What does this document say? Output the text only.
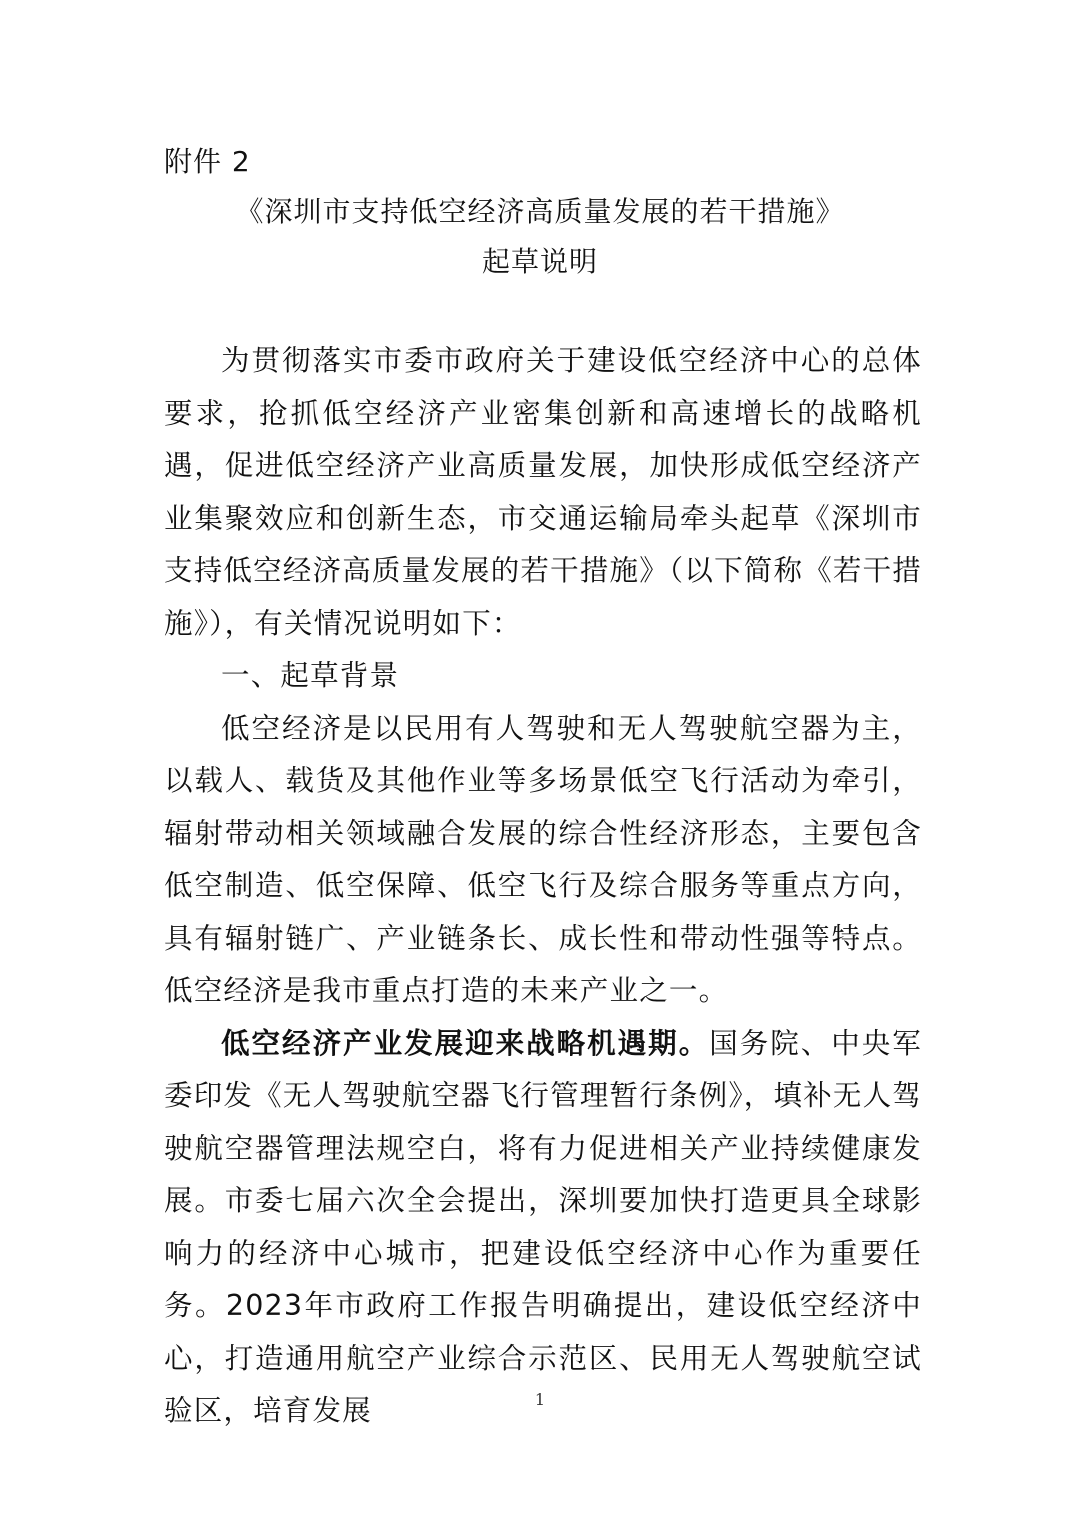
附件 2
《深圳市支持低空经济高质量发展的若干措施》
起草说明

为贯彻落实市委市政府关于建设低空经济中心的总体要求，抢抓低空经济产业密集创新和高速增长的战略机遇，促进低空经济产业高质量发展，加快形成低空经济产业集聚效应和创新生态，市交通运输局牵头起草《深圳市支持低空经济高质量发展的若干措施》（以下简称《若干措施》），有关情况说明如下：

一、起草背景

低空经济是以民用有人驾驶和无人驾驶航空器为主，以载人、载货及其他作业等多场景低空飞行活动为牵引，辐射带动相关领域融合发展的综合性经济形态，主要包含低空制造、低空保障、低空飞行及综合服务等重点方向，具有辐射链广、产业链条长、成长性和带动性强等特点。低空经济是我市重点打造的未来产业之一。

低空经济产业发展迎来战略机遇期。国务院、中央军委印发《无人驾驶航空器飞行管理暂行条例》，填补无人驾驶航空器管理法规空白，将有力促进相关产业持续健康发展。市委七届六次全会提出，深圳要加快打造更具全球影响力的经济中心城市，把建设低空经济中心作为重要任务。2023年市政府工作报告明确提出，建设低空经济中心，打造通用航空产业综合示范区、民用无人驾驶航空试验区，培育发展	1
